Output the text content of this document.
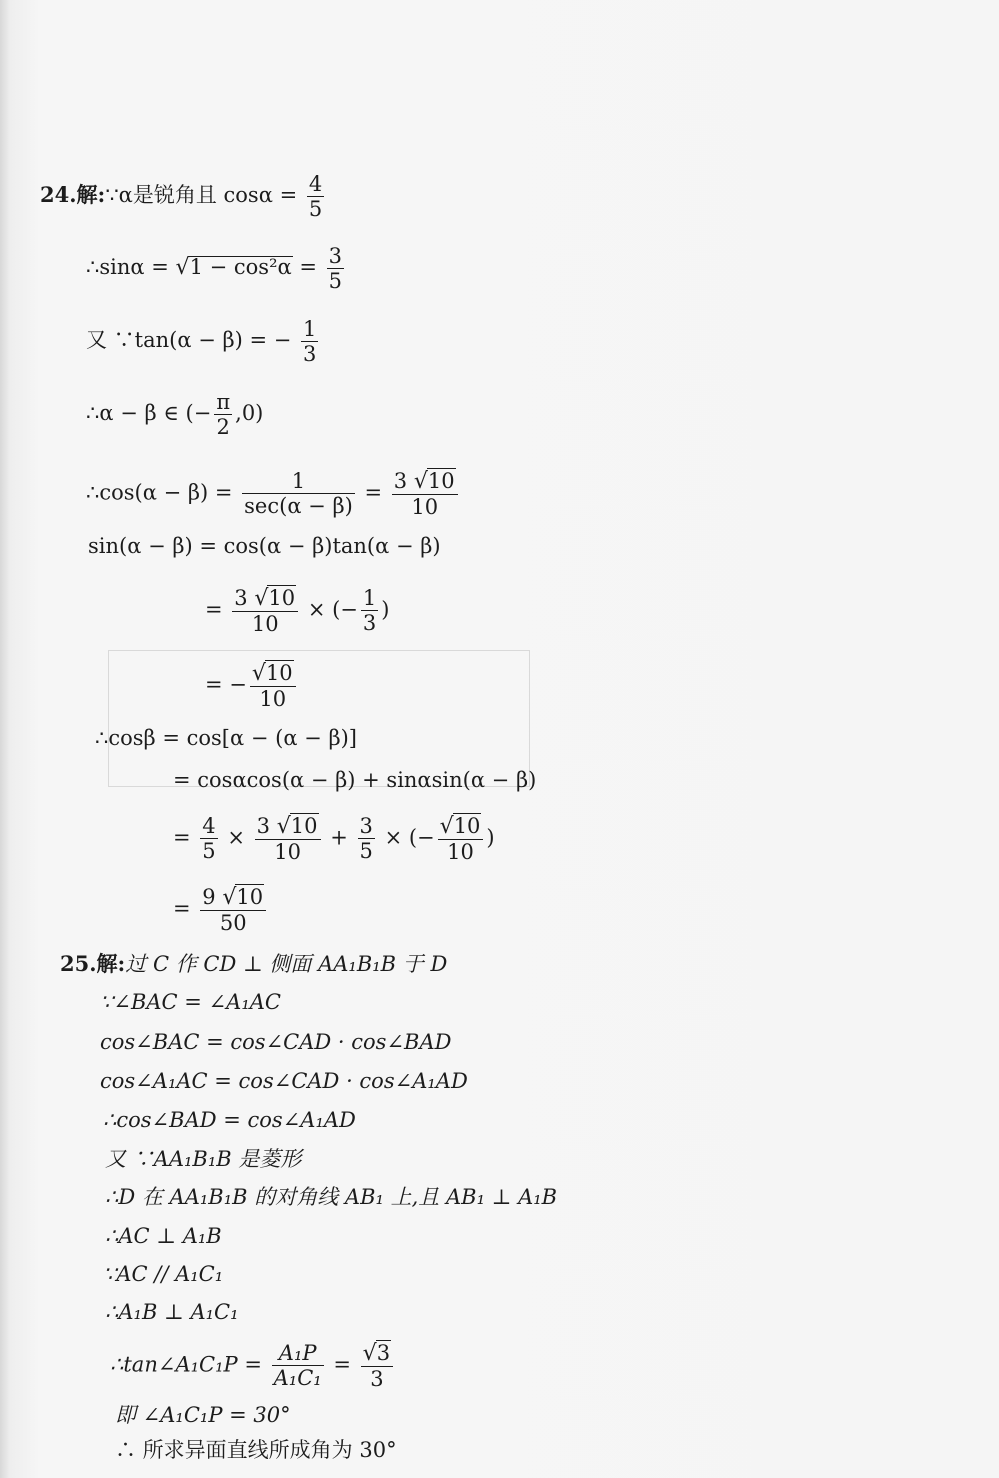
24.解:∵α是锐角且 $\cos\alpha = \frac{4}{5}$
∴sinα = $√1 - \cos^2\alpha = \frac{3}{5}$
又 ∵tan(α − β) = − $\frac{1}{3}$
∴α − β ∈ (− $\frac{\pi}{2} ,0$)
∴cos(α − $\beta) = \frac{1}{\sec(\alpha - \beta)} = \frac{3 √10}{10}$
sin(α − β) = cos(α − β)tan(α − β)
= $\frac{3 √10}{10}$ × (− $\frac{1}{3}$ )
= − $\frac{√10}{10}$
∴cosβ = cos[α − (α − β)]
= cosαcos(α − β) + sinαsin(α − β)
= $\frac{4}{5} \times \frac{3 √10}{10} + \frac{3}{5}$ × (− $\frac{√10}{10}$ )
= $\frac{9 √10}{50}$
25.解:过 C 作 CD ⊥ 侧面 AA₁B₁B 于 D
∵∠BAC = ∠A₁AC
cos∠BAC = cos∠CAD · cos∠BAD
cos∠A₁AC = cos∠CAD · cos∠A₁AD
∴cos∠BAD = cos∠A₁AD
又 ∵AA₁B₁B 是菱形
∴D 在 AA₁B₁B 的对角线 AB₁ 上,且 AB₁ ⊥ A₁B
∴AC ⊥ A₁B
∵AC // A₁C₁
∴A₁B ⊥ A₁C₁
∴tan∠A₁C₁P = $\frac{\text{A₁P}}{\text{A₁C₁}} = \frac{√3}{3}$
即 ∠A₁C₁P = 30°
∴ 所求异面直线所成角为 30°
